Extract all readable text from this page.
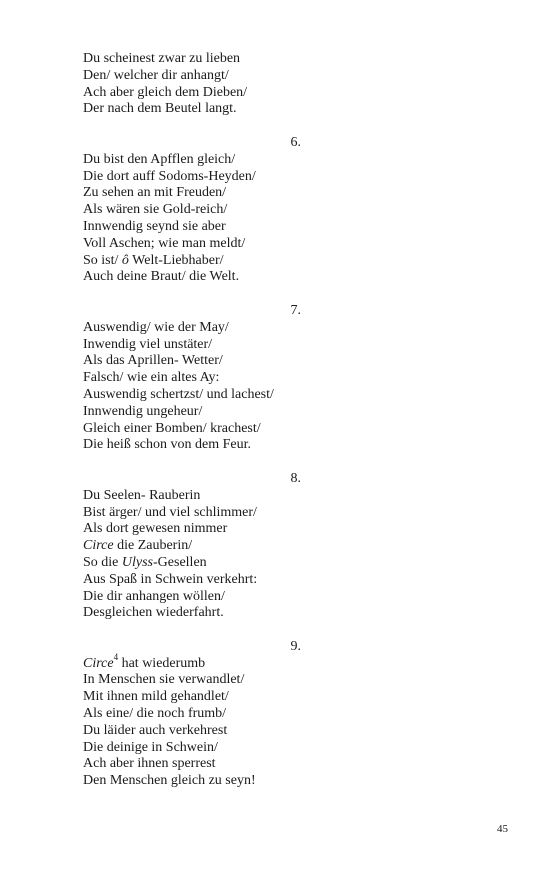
Du scheinest zwar zu lieben
Den/ welcher dir anhangt/
Ach aber gleich dem Dieben/
Der nach dem Beutel langt.
6.
Du bist den Apfflen gleich/
Die dort auff Sodoms-Heyden/
Zu sehen an mit Freuden/
Als wären sie Gold-reich/
Innwendig seynd sie aber
Voll Aschen; wie man meldt/
So ist/ ô Welt-Liebhaber/
Auch deine Braut/ die Welt.
7.
Auswendig/ wie der May/
Inwendig viel unstäter/
Als das Aprillen- Wetter/
Falsch/ wie ein altes Ay:
Auswendig schertzst/ und lachest/
Innwendig ungeheur/
Gleich einer Bomben/ krachest/
Die heiß schon von dem Feur.
8.
Du Seelen- Rauberin
Bist ärger/ und viel schlimmer/
Als dort gewesen nimmer
Circe die Zauberin/
So die Ulyss-Gesellen
Aus Spaß in Schwein verkehrt:
Die dir anhangen wöllen/
Desgleichen wiederfahrt.
9.
Circe$^4$ hat wiederumb
In Menschen sie verwandlet/
Mit ihnen mild gehandlet/
Als eine/ die noch frumb/
Du läider auch verkehrest
Die deinige in Schwein/
Ach aber ihnen sperrest
Den Menschen gleich zu seyn!
45
